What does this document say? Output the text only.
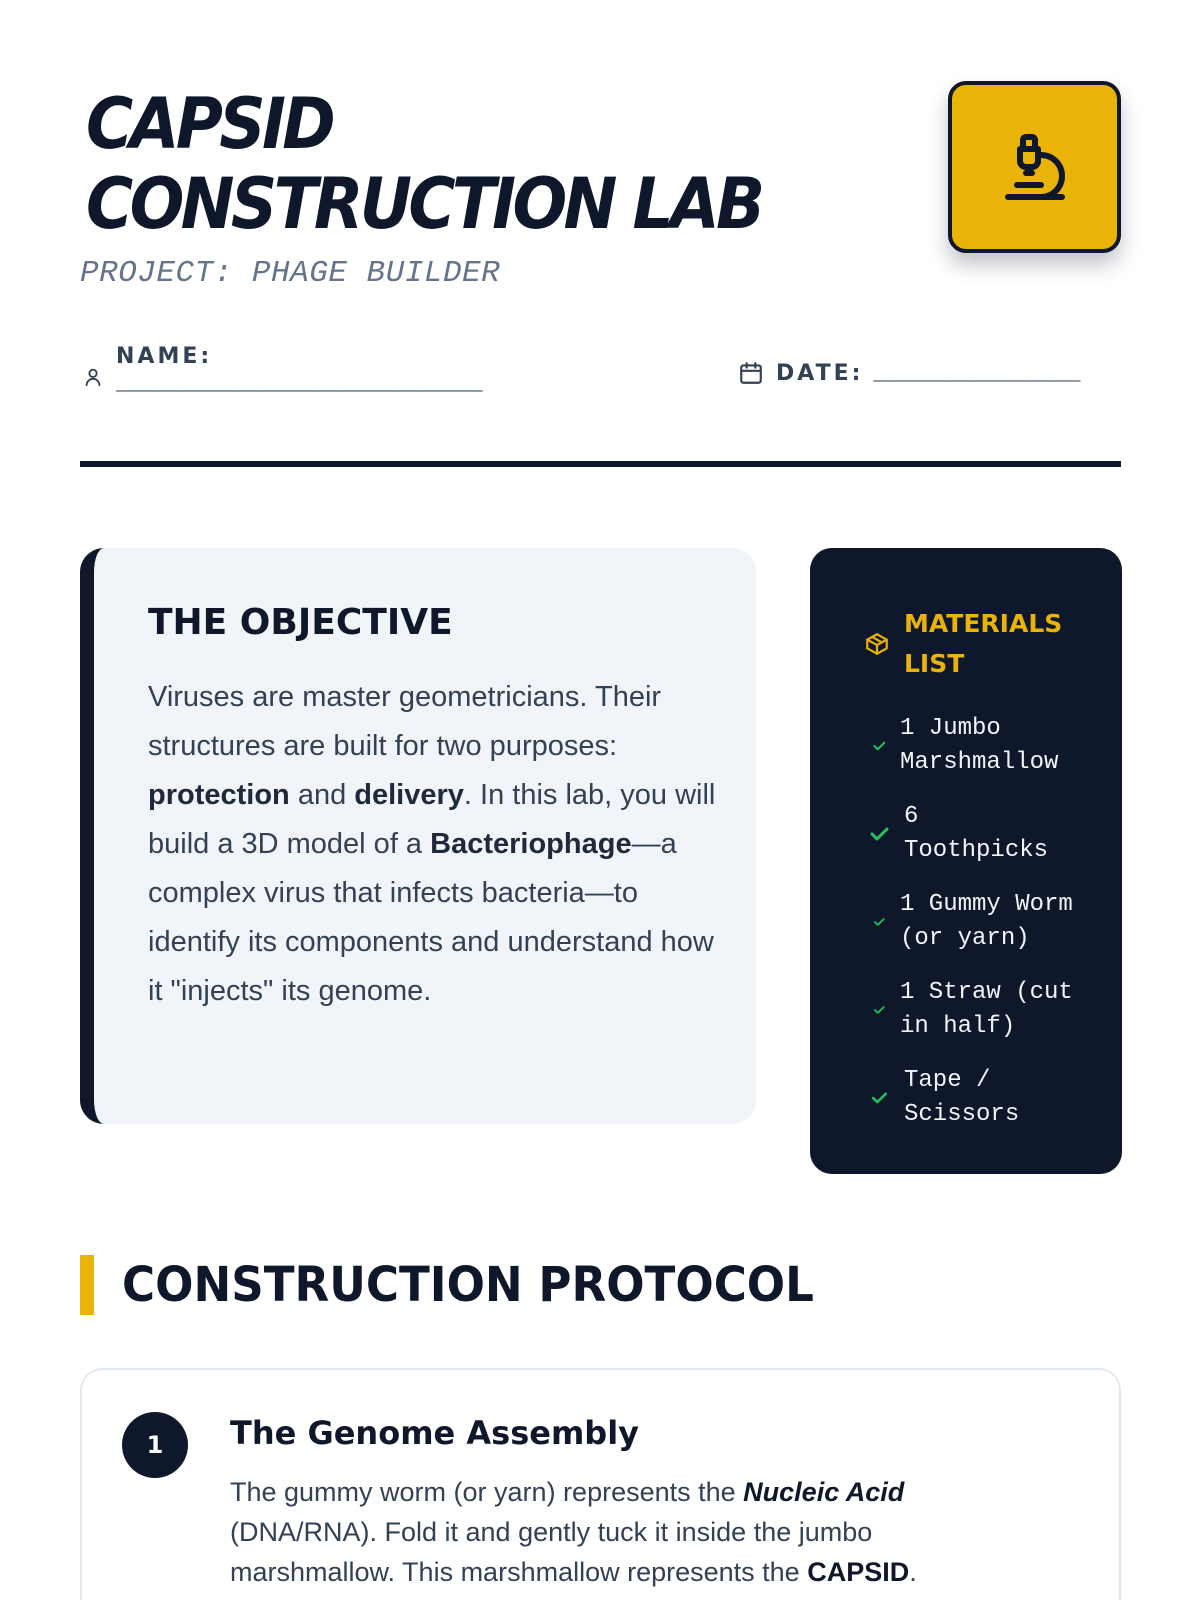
CAPSID
CONSTRUCTION LAB
PROJECT: PHAGE BUILDER
NAME:
________________________________	DATE: __________________
THE OBJECTIVE

Viruses are master geometricians. Their structures are built for two purposes: protection and delivery. In this lab, you will build a 3D model of a Bacteriophage—a complex virus that infects bacteria—to identify its components and understand how it "injects" its genome.

MATERIALS LIST
1 Jumbo Marshmallow
6 Toothpicks
1 Gummy Worm (or yarn)
1 Straw (cut in half)
Tape / Scissors
CONSTRUCTION PROTOCOL
1	The Genome Assembly
The gummy worm (or yarn) represents the Nucleic Acid (DNA/RNA). Fold it and gently tuck it inside the jumbo marshmallow. This marshmallow represents the CAPSID.
